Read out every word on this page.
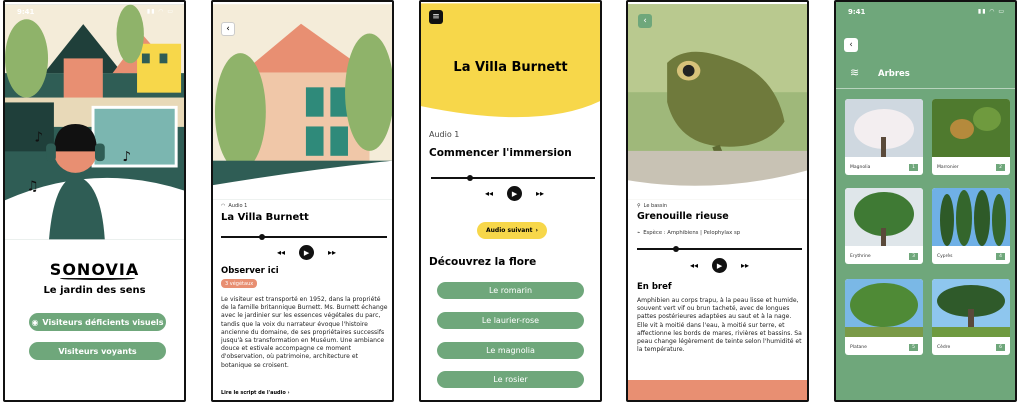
9:41	▮▮ ◠ ▭
♪
♪
♫
SONOVIA
Le jardin des sens
◉ Visiteurs déficients visuels
Visiteurs voyants
‹
◠ Audio 1
La Villa Burnett
◂◂	▶	▸▸
Observer ici
3 végétaux
Le visiteur est transporté en 1952, dans la propriété de la famille britannique Burnett. Ms. Burnett échange avec le jardinier sur les essences végétales du parc, tandis que la voix du narrateur évoque l'histoire ancienne du domaine, de ses propriétaires successifs jusqu'à sa transformation en Muséum. Une ambiance douce et estivale accompagne ce moment d'observation, où patrimoine, architecture et botanique se croisent.
Lire le script de l'audio ›
≡
La Villa Burnett
Audio 1
Commencer l'immersion
◂◂	▶	▸▸
Audio suivant ›
Découvrez la flore
Le romarin
Le laurier-rose
Le magnolia
Le rosier
‹
⚲ Le bassin
Grenouille rieuse
⌁ Espèce : Amphibiens | Pelophylax sp
◂◂	▶	▸▸
En bref
Amphibien au corps trapu, à la peau lisse et humide, souvent vert vif ou brun tacheté, avec de longues pattes postérieures adaptées au saut et à la nage. Elle vit à moitié dans l'eau, à moitié sur terre, et affectionne les bords de mares, rivières et bassins. Sa peau change légèrement de teinte selon l'humidité et la température.
9:41	▮▮ ◠ ▭
‹
≋ Arbres
Magnolia	1	Marronier	2
Erythrine	3	Cyprès	4
Platane	5	Cèdre	6
